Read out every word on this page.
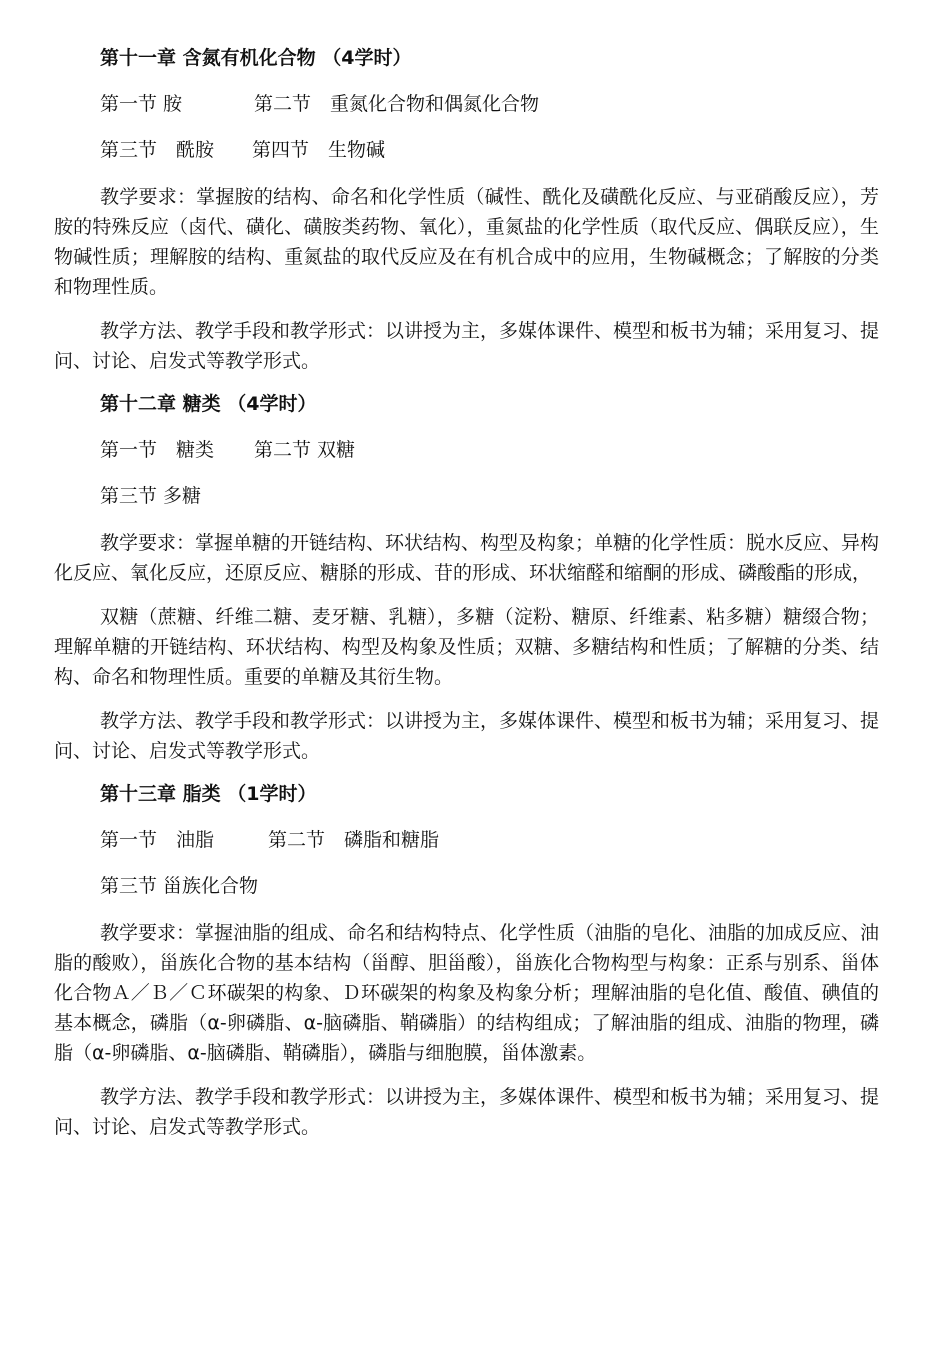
第十一章 含氮有机化合物 （4学时）
第一节 胺	第二节　重氮化合物和偶氮化合物
第三节　酰胺 第四节　生物碱

教学要求：掌握胺的结构、命名和化学性质（碱性、酰化及磺酰化反应、与亚硝酸反应），芳胺的特殊反应（卤代、磺化、磺胺类药物、氧化），重氮盐的化学性质（取代反应、偶联反应），生物碱性质；理解胺的结构、重氮盐的取代反应及在有机合成中的应用，生物碱概念；了解胺的分类和物理性质。

教学方法、教学手段和教学形式：以讲授为主，多媒体课件、模型和板书为辅；采用复习、提问、讨论、启发式等教学形式。

第十二章 糖类 （4学时）
第一节　糖类 第二节 双糖
第三节 多糖

教学要求：掌握单糖的开链结构、环状结构、构型及构象；单糖的化学性质：脱水反应、异构化反应、氧化反应，还原反应、糖脎的形成、苷的形成、环状缩醛和缩酮的形成、磷酸酯的形成，

双糖（蔗糖、纤维二糖、麦牙糖、乳糖），多糖（淀粉、糖原、纤维素、粘多糖）糖缀合物；理解单糖的开链结构、环状结构、构型及构象及性质；双糖、多糖结构和性质；了解糖的分类、结构、命名和物理性质。重要的单糖及其衍生物。

教学方法、教学手段和教学形式：以讲授为主，多媒体课件、模型和板书为辅；采用复习、提问、讨论、启发式等教学形式。

第十三章 脂类 （1学时）
第一节　油脂	第二节　磷脂和糖脂
第三节 甾族化合物

教学要求：掌握油脂的组成、命名和结构特点、化学性质（油脂的皂化、油脂的加成反应、油脂的酸败），甾族化合物的基本结构（甾醇、胆甾酸），甾族化合物构型与构象：正系与别系、甾体化合物Ａ／Ｂ／Ｃ环碳架的构象、Ｄ环碳架的构象及构象分析；理解油脂的皂化值、酸值、碘值的基本概念，磷脂（α-卵磷脂、α-脑磷脂、鞘磷脂）的结构组成；了解油脂的组成、油脂的物理，磷脂（α-卵磷脂、α-脑磷脂、鞘磷脂），磷脂与细胞膜，甾体激素。

教学方法、教学手段和教学形式：以讲授为主，多媒体课件、模型和板书为辅；采用复习、提问、讨论、启发式等教学形式。
